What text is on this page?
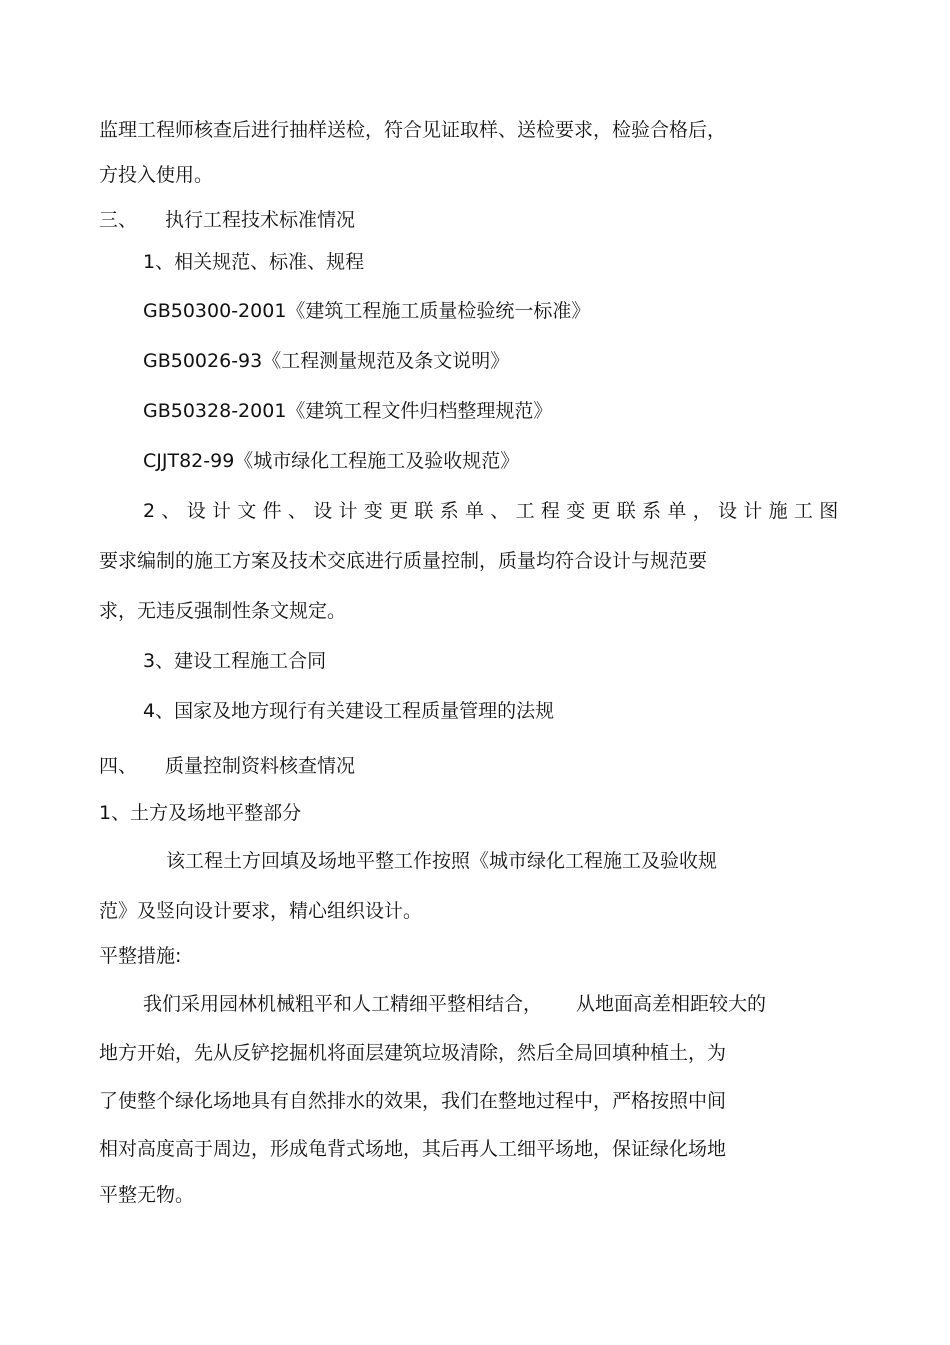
监理工程师核查后进行抽样送检，符合见证取样、送检要求，检验合格后，

方投入使用。

三、 执行工程技术标准情况

1、相关规范、标准、规程

GB50300-2001《建筑工程施工质量检验统一标准》

GB50026-93《工程测量规范及条文说明》

GB50328-2001《建筑工程文件归档整理规范》

CJJT82-99《城市绿化工程施工及验收规范》

2、设计文件、设计变更联系单、工程变更联系单，设计施工图

要求编制的施工方案及技术交底进行质量控制，质量均符合设计与规范要

求，无违反强制性条文规定。

3、建设工程施工合同

4、国家及地方现行有关建设工程质量管理的法规

四、 质量控制资料核查情况

1、土方及场地平整部分

该工程土方回填及场地平整工作按照《城市绿化工程施工及验收规

范》及竖向设计要求，精心组织设计。

平整措施:

我们采用园林机械粗平和人工精细平整相结合， 从地面高差相距较大的

地方开始，先从反铲挖掘机将面层建筑垃圾清除，然后全局回填种植土，为

了使整个绿化场地具有自然排水的效果，我们在整地过程中，严格按照中间

相对高度高于周边，形成龟背式场地，其后再人工细平场地，保证绿化场地

平整无物。
